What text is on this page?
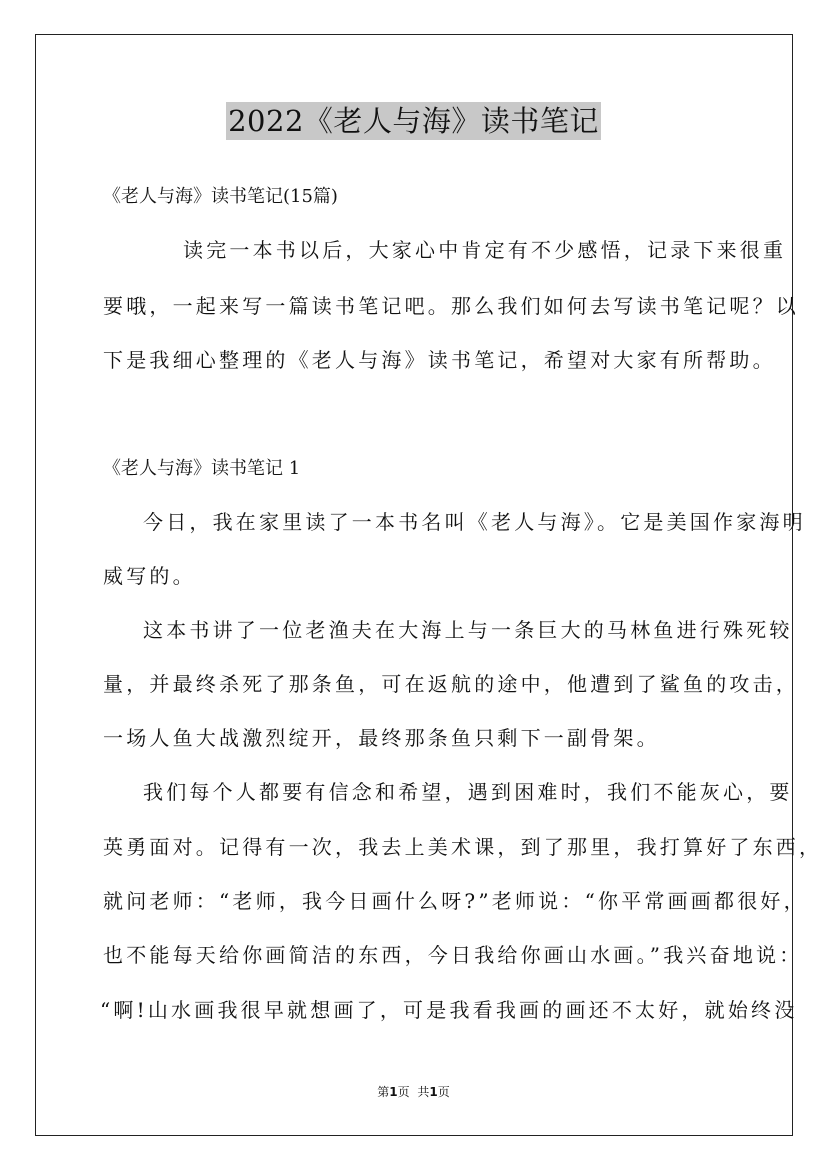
2022《老人与海》读书笔记

《老人与海》读书笔记(15篇)

读完一本书以后，大家心中肯定有不少感悟，记录下来很重

要哦，一起来写一篇读书笔记吧。那么我们如何去写读书笔记呢？以

下是我细心整理的《老人与海》读书笔记，希望对大家有所帮助。

《老人与海》读书笔记 1

今日，我在家里读了一本书名叫《老人与海》。它是美国作家海明

威写的。

这本书讲了一位老渔夫在大海上与一条巨大的马林鱼进行殊死较

量，并最终杀死了那条鱼，可在返航的途中，他遭到了鲨鱼的攻击，

一场人鱼大战激烈绽开，最终那条鱼只剩下一副骨架。

我们每个人都要有信念和希望，遇到困难时，我们不能灰心，要

英勇面对。记得有一次，我去上美术课，到了那里，我打算好了东西，

就问老师：“老师，我今日画什么呀?”老师说：“你平常画画都很好，

也不能每天给你画简洁的东西，今日我给你画山水画。”我兴奋地说：

“啊!山水画我很早就想画了，可是我看我画的画还不太好，就始终没

第1页 共1页
